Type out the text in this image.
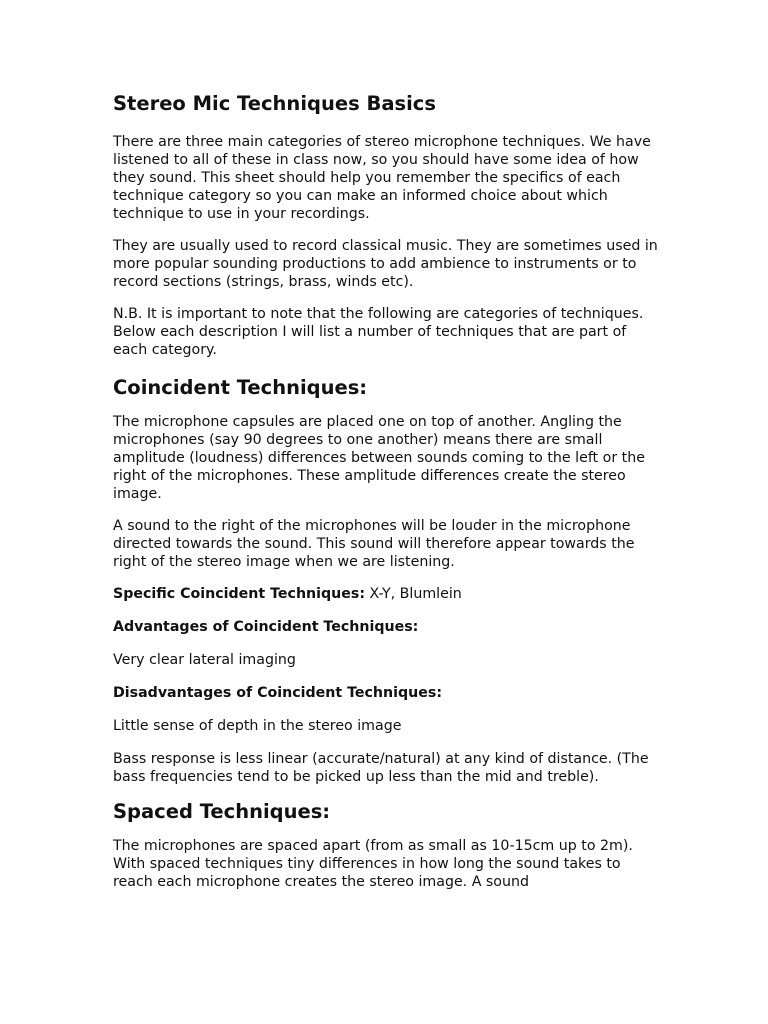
Stereo Mic Techniques Basics

There are three main categories of stereo microphone techniques. We have listened to all of these in class now, so you should have some idea of how they sound. This sheet should help you remember the specifics of each technique category so you can make an informed choice about which technique to use in your recordings.

They are usually used to record classical music. They are sometimes used in more popular sounding productions to add ambience to instruments or to record sections (strings, brass, winds etc).

N.B. It is important to note that the following are categories of techniques. Below each description I will list a number of techniques that are part of each category.

Coincident Techniques:

The microphone capsules are placed one on top of another. Angling the microphones (say 90 degrees to one another) means there are small amplitude (loudness) differences between sounds coming to the left or the right of the microphones. These amplitude differences create the stereo image.

A sound to the right of the microphones will be louder in the microphone directed towards the sound. This sound will therefore appear towards the right of the stereo image when we are listening.

Specific Coincident Techniques: X-Y, Blumlein

Advantages of Coincident Techniques:

Very clear lateral imaging

Disadvantages of Coincident Techniques:

Little sense of depth in the stereo image

Bass response is less linear (accurate/natural) at any kind of distance. (The bass frequencies tend to be picked up less than the mid and treble).

Spaced Techniques:

The microphones are spaced apart (from as small as 10-15cm up to 2m). With spaced techniques tiny differences in how long the sound takes to reach each microphone creates the stereo image. A sound
